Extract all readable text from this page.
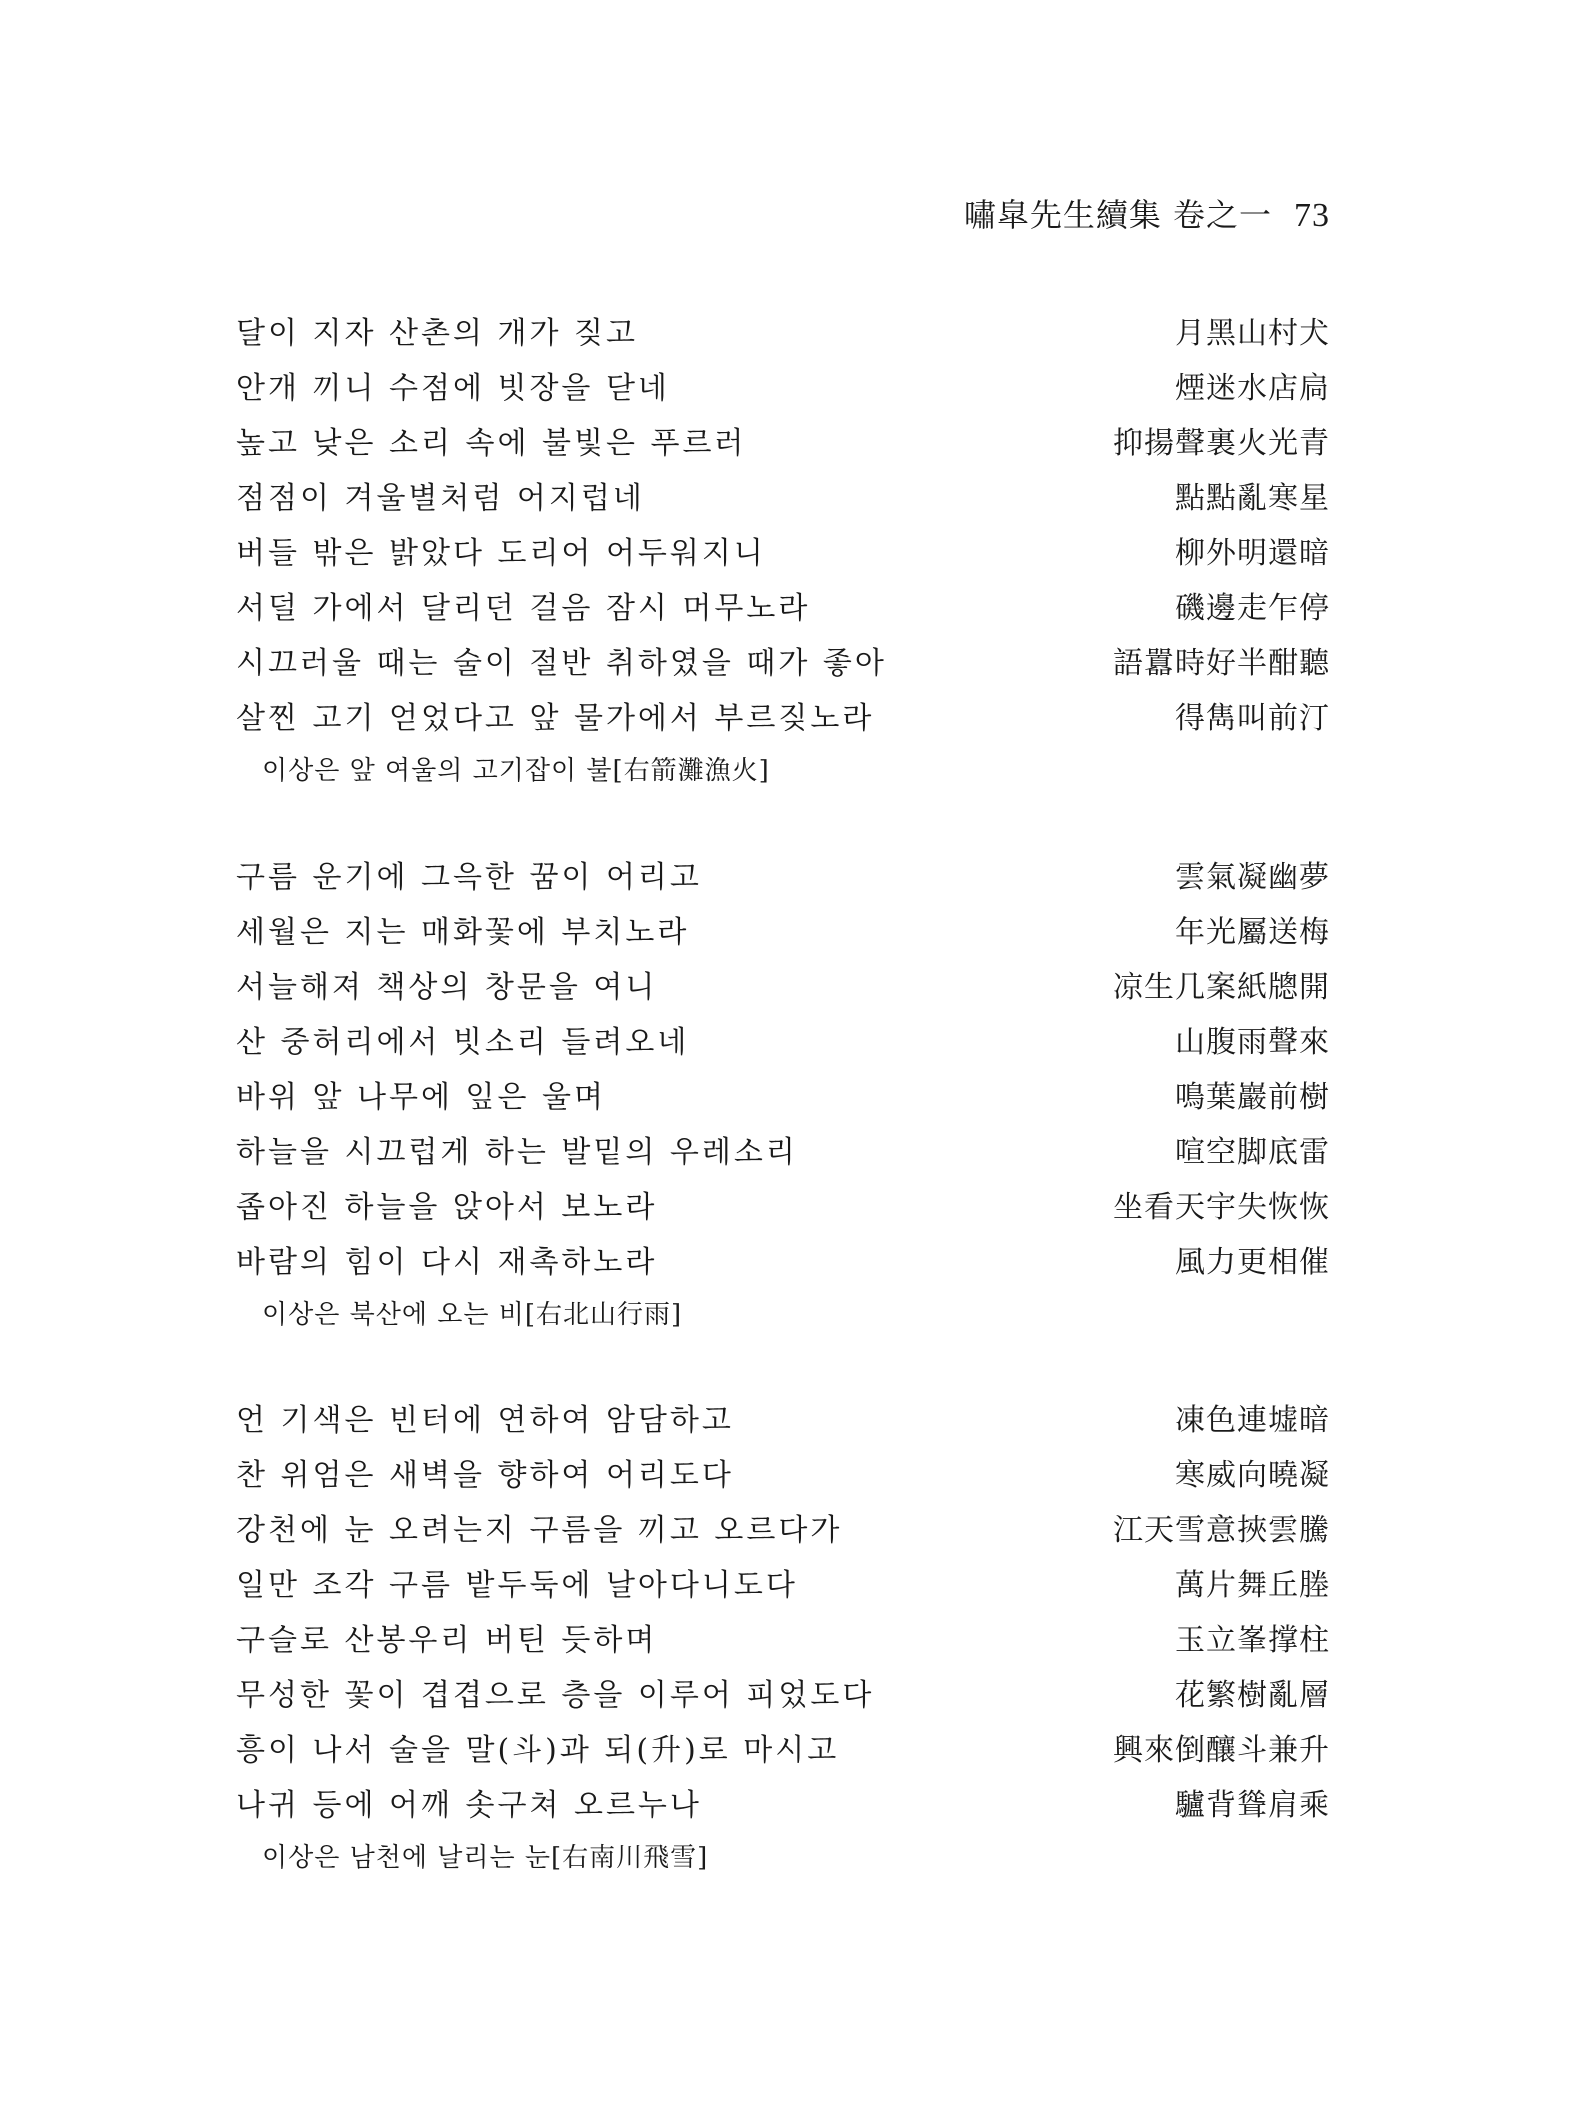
嘯皐先生續集 卷之一 73
달이 지자 산촌의 개가 짖고	月黑山村犬
안개 끼니 수점에 빗장을 닫네	煙迷水店扃
높고 낮은 소리 속에 불빛은 푸르러	抑揚聲裏火光青
점점이 겨울별처럼 어지럽네	點點亂寒星
버들 밖은 밝았다 도리어 어두워지니	柳外明還暗
서덜 가에서 달리던 걸음 잠시 머무노라	磯邊走乍停
시끄러울 때는 술이 절반 취하였을 때가 좋아	語囂時好半酣聽
살찐 고기 얻었다고 앞 물가에서 부르짖노라	得雋叫前汀
이상은 앞 여울의 고기잡이 불[右箭灘漁火]
구름 운기에 그윽한 꿈이 어리고	雲氣凝幽夢
세월은 지는 매화꽃에 부치노라	年光屬送梅
서늘해져 책상의 창문을 여니	凉生几案紙牕開
산 중허리에서 빗소리 들려오네	山腹雨聲來
바위 앞 나무에 잎은 울며	鳴葉巖前樹
하늘을 시끄럽게 하는 발밑의 우레소리	喧空脚底雷
좁아진 하늘을 앉아서 보노라	坐看天宇失恢恢
바람의 힘이 다시 재촉하노라	風力更相催
이상은 북산에 오는 비[右北山行雨]
언 기색은 빈터에 연하여 암담하고	凍色連墟暗
찬 위엄은 새벽을 향하여 어리도다	寒威向曉凝
강천에 눈 오려는지 구름을 끼고 오르다가	江天雪意挾雲騰
일만 조각 구름 밭두둑에 날아다니도다	萬片舞丘塍
구슬로 산봉우리 버틴 듯하며	玉立峯撑柱
무성한 꽃이 겹겹으로 층을 이루어 피었도다	花繁樹亂層
흥이 나서 술을 말(斗)과 되(升)로 마시고	興來倒釀斗兼升
나귀 등에 어깨 솟구쳐 오르누나	驢背聳肩乘
이상은 남천에 날리는 눈[右南川飛雪]
